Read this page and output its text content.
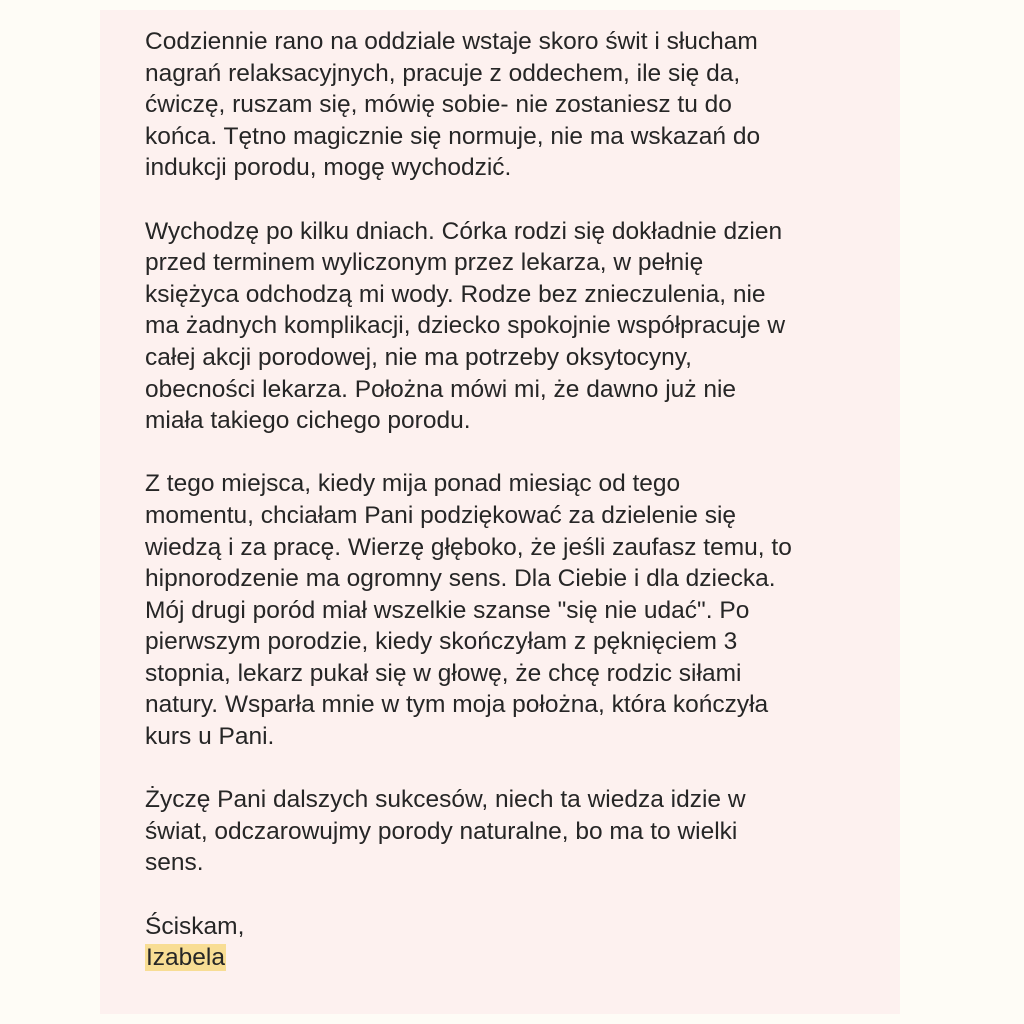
Codziennie rano na oddziale wstaje skoro świt i słucham
nagrań relaksacyjnych, pracuje z oddechem, ile się da,
ćwiczę, ruszam się, mówię sobie- nie zostaniesz tu do
końca. Tętno magicznie się normuje, nie ma wskazań do
indukcji porodu, mogę wychodzić.

Wychodzę po kilku dniach. Córka rodzi się dokładnie dzien
przed terminem wyliczonym przez lekarza, w pełnię
księżyca odchodzą mi wody. Rodze bez znieczulenia, nie
ma żadnych komplikacji, dziecko spokojnie współpracuje w
całej akcji porodowej, nie ma potrzeby oksytocyny,
obecności lekarza. Położna mówi mi, że dawno już nie
miała takiego cichego porodu.

Z tego miejsca, kiedy mija ponad miesiąc od tego
momentu, chciałam Pani podziękować za dzielenie się
wiedzą i za pracę. Wierzę głęboko, że jeśli zaufasz temu, to
hipnorodzenie ma ogromny sens. Dla Ciebie i dla dziecka.
Mój drugi poród miał wszelkie szanse "się nie udać". Po
pierwszym porodzie, kiedy skończyłam z pęknięciem 3
stopnia, lekarz pukał się w głowę, że chcę rodzic siłami
natury. Wsparła mnie w tym moja położna, która kończyła
kurs u Pani.

Życzę Pani dalszych sukcesów, niech ta wiedza idzie w
świat, odczarowujmy porody naturalne, bo ma to wielki
sens.

Ściskam,
Izabela
